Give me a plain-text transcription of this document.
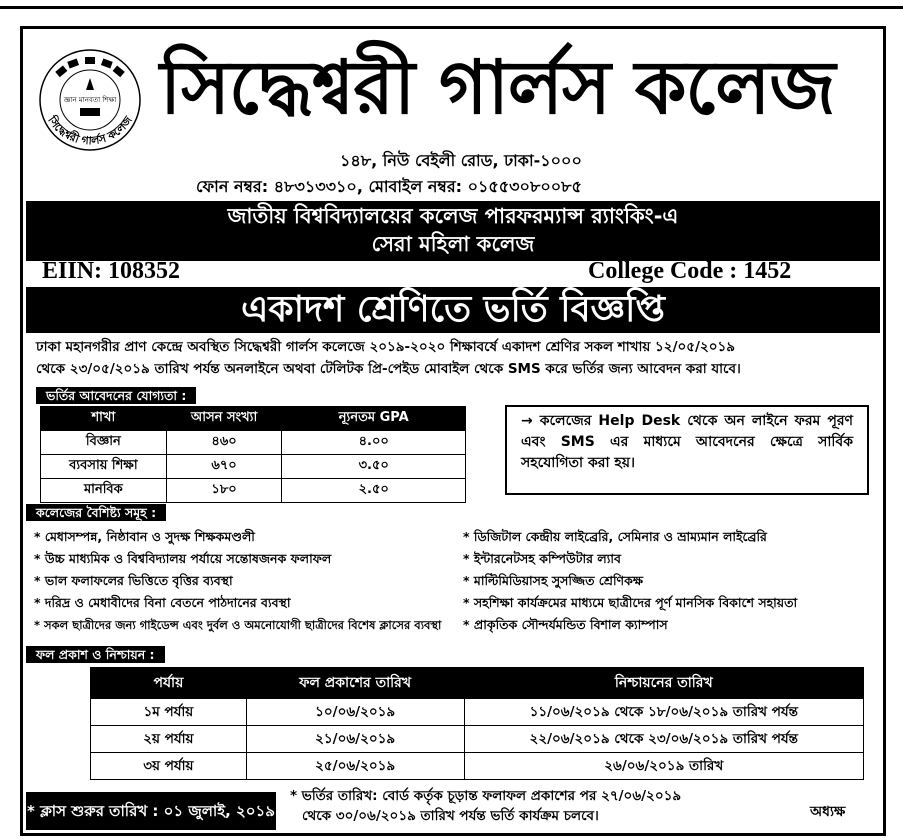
জ্ঞান মানবতা শিক্ষা
সিদ্ধেশ্বরী গার্লস কলেজ সিদ্ধেশ্বরী গার্লস কলেজ
১৪৮, নিউ বেইলী রোড, ঢাকা-১০০০
ফোন নম্বর: ৪৮৩১৩৩১০, মোবাইল নম্বর: ০১৫৫৩০৮০০৮৫
জাতীয় বিশ্ববিদ্যালয়ের কলেজ পারফরম্যান্স র‍্যাংকিং-এ
সেরা মহিলা কলেজ
EIIN: 108352	College Code : 1452
একাদশ শ্রেণিতে ভর্তি বিজ্ঞপ্তি

ঢাকা মহানগরীর প্রাণ কেন্দ্রে অবস্থিত সিদ্ধেশ্বরী গার্লস কলেজে ২০১৯-২০২০ শিক্ষাবর্ষে একাদশ শ্রেণির সকল শাখায় ১২/০৫/২০১৯

থেকে ২৩/০৫/২০১৯ তারিখ পর্যন্ত অনলাইনে অথবা টেলিটক প্রি-পেইড মোবাইল থেকে SMS করে ভর্তির জন্য আবেদন করা যাবে।

ভর্তির আবেদনের যোগ্যতা :
শাখা	আসন সংখ্যা	ন্যূনতম GPA
বিজ্ঞান	৪৬০	৪.০০
ব্যবসায় শিক্ষা	৬৭০	৩.৫০
মানবিক	১৮০	২.৫০
→ কলেজের Help Desk থেকে অন লাইনে ফরম পূরণ এবং SMS এর মাধ্যমে আবেদনের ক্ষেত্রে সার্বিক সহযোগিতা করা হয়।
কলেজের বৈশিষ্ট্য সমূহ :
* মেধাসম্পন্ন, নিষ্ঠাবান ও সুদক্ষ শিক্ষকমণ্ডলী
* উচ্চ মাধ্যমিক ও বিশ্ববিদ্যালয় পর্যায়ে সন্তোষজনক ফলাফল
* ভাল ফলাফলের ভিত্তিতে বৃত্তির ব্যবস্থা
* দরিদ্র ও মেধাবীদের বিনা বেতনে পাঠদানের ব্যবস্থা
* সকল ছাত্রীদের জন্য গাইডেন্স এবং দুর্বল ও অমনোযোগী ছাত্রীদের বিশেষ ক্লাসের ব্যবস্থা
* ডিজিটাল কেন্দ্রীয় লাইব্রেরি, সেমিনার ও ভ্রাম্যমান লাইব্রেরি
* ইন্টারনেটসহ কম্পিউটার ল্যাব
* মাল্টিমিডিয়াসহ সুসজ্জিত শ্রেণিকক্ষ
* সহশিক্ষা কার্যক্রমের মাধ্যমে ছাত্রীদের পূর্ণ মানসিক বিকাশে সহায়তা
* প্রাকৃতিক সৌন্দর্যমন্ডিত বিশাল ক্যাম্পাস
ফল প্রকাশ ও নিশ্চায়ন :
পর্যায়	ফল প্রকাশের তারিখ	নিশ্চায়নের তারিখ
১ম পর্যায়	১০/০৬/২০১৯	১১/০৬/২০১৯ থেকে ১৮/০৬/২০১৯ তারিখ পর্যন্ত
২য় পর্যায়	২১/০৬/২০১৯	২২/০৬/২০১৯ থেকে ২৩/০৬/২০১৯ তারিখ পর্যন্ত
৩য় পর্যায়	২৫/০৬/২০১৯	২৬/০৬/২০১৯ তারিখ
* ক্লাস শুরুর তারিখ : ০১ জুলাই, ২০১৯
* ভর্তির তারিখ: বোর্ড কর্তৃক চূড়ান্ত ফলাফল প্রকাশের পর ২৭/০৬/২০১৯
থেকে ৩০/০৬/২০১৯ তারিখ পর্যন্ত ভর্তি কার্যক্রম চলবে।	অধ্যক্ষ
